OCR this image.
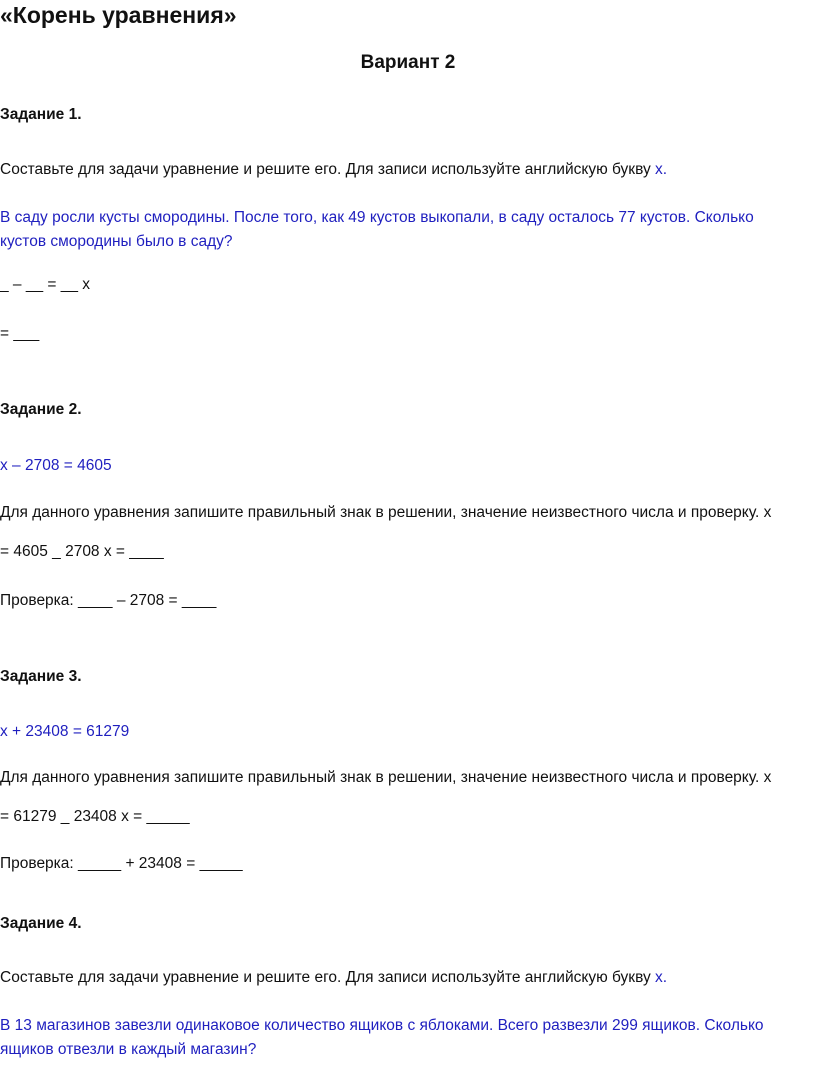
«Корень уравнения»
Вариант 2
Задание 1.
Составьте для задачи уравнение и решите его. Для записи используйте английскую букву х.
В саду росли кусты смородины. После того, как 49 кустов выкопали, в саду осталось 77 кустов. Сколько кустов смородины было в саду?
_ – __ = __ х
= ___
Задание 2.
х – 2708 = 4605
Для данного уравнения запишите правильный знак в решении, значение неизвестного числа и проверку. х
= 4605 _ 2708 х = ____
Проверка: ____ – 2708 = ____
Задание 3.
х + 23408 = 61279
Для данного уравнения запишите правильный знак в решении, значение неизвестного числа и проверку. х
= 61279 _ 23408 х = _____
Проверка: _____ + 23408 = _____
Задание 4.
Составьте для задачи уравнение и решите его. Для записи используйте английскую букву х.
В 13 магазинов завезли одинаковое количество ящиков с яблоками. Всего развезли 299 ящиков. Сколько ящиков отвезли в каждый магазин?
